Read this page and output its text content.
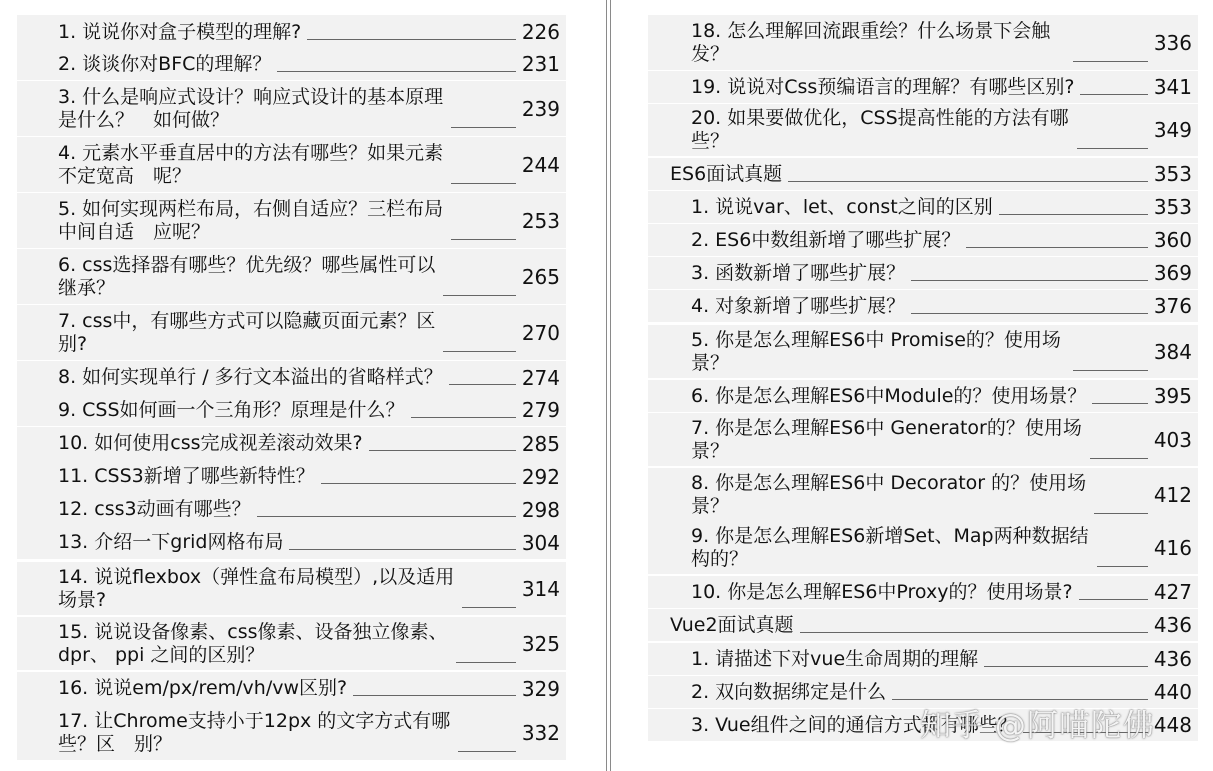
1. 说说你对盒子模型的理解?	226
2. 谈谈你对BFC的理解？	231
3. 什么是响应式设计？响应式设计的基本原理
是什么？　如何做？	239
4. 元素水平垂直居中的方法有哪些？如果元素
不定宽高　呢？	244
5. 如何实现两栏布局，右侧自适应？三栏布局
中间自适　应呢？	253
6. css选择器有哪些？优先级？哪些属性可以
继承？	265
7. css中，有哪些方式可以隐藏页面元素？区
别?	270
8. 如何实现单行 / 多行文本溢出的省略样式？	274
9. CSS如何画一个三角形？原理是什么？	279
10. 如何使用css完成视差滚动效果?	285
11. CSS3新增了哪些新特性？	292
12. css3动画有哪些？	298
13. 介绍一下grid网格布局	304
14. 说说flexbox（弹性盒布局模型）,以及适用
场景?	314
15. 说说设备像素、css像素、设备独立像素、
dpr、 ppi 之间的区别？	325
16. 说说em/px/rem/vh/vw区别?	329
17. 让Chrome支持小于12px 的文字方式有哪
些？区　别？	332
18. 怎么理解回流跟重绘？什么场景下会触
发？	336
19. 说说对Css预编语言的理解？有哪些区别?	341
20. 如果要做优化，CSS提高性能的方法有哪
些？	349
ES6面试真题	353
1. 说说var、let、const之间的区别	353
2. ES6中数组新增了哪些扩展？	360
3. 函数新增了哪些扩展？	369
4. 对象新增了哪些扩展？	376
5. 你是怎么理解ES6中 Promise的？使用场
景？	384
6. 你是怎么理解ES6中Module的？使用场景？	395
7. 你是怎么理解ES6中 Generator的？使用场
景？	403
8. 你是怎么理解ES6中 Decorator 的？使用场
景？	412
9. 你是怎么理解ES6新增Set、Map两种数据结
构的？	416
10. 你是怎么理解ES6中Proxy的？使用场景?	427
Vue2面试真题	436
1. 请描述下对vue生命周期的理解	436
2. 双向数据绑定是什么	440
3. Vue组件之间的通信方式都有哪些？	448
知乎 @阿喵陀佛
